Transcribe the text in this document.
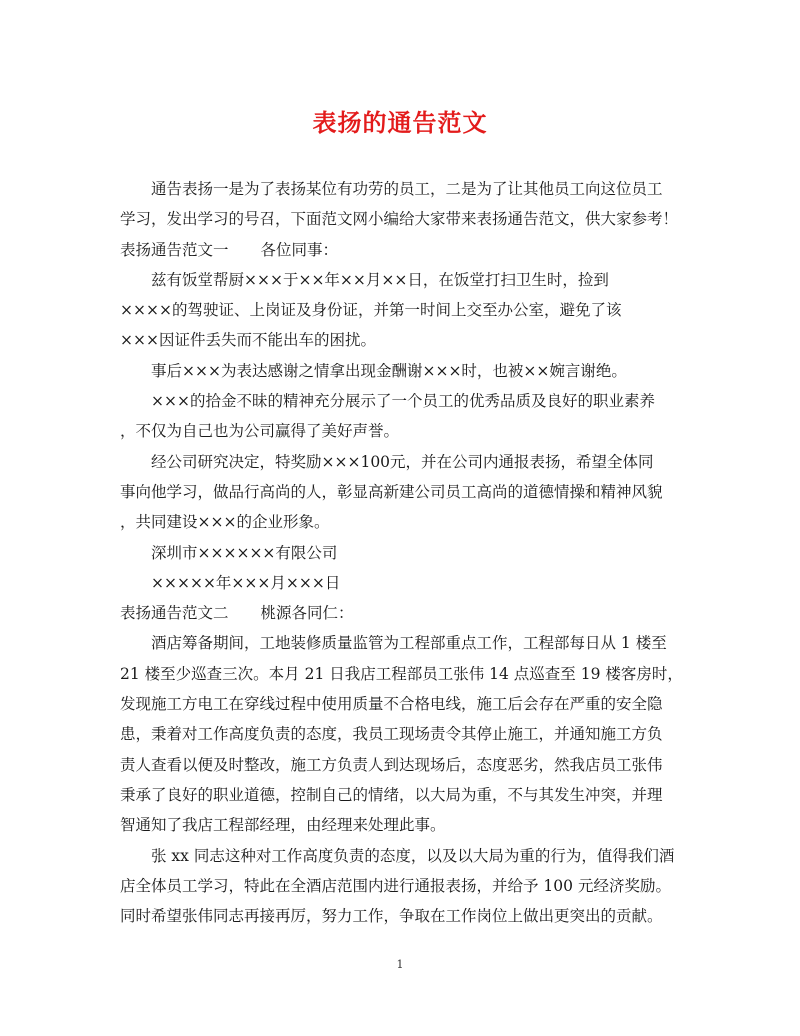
表扬的通告范文
通告表扬一是为了表扬某位有功劳的员工，二是为了让其他员工向这位员工
学习，发出学习的号召，下面范文网小编给大家带来表扬通告范文，供大家参考！
表扬通告范文一 各位同事：
兹有饭堂帮厨×××于××年××月××日，在饭堂打扫卫生时，捡到
××××的驾驶证、上岗证及身份证，并第一时间上交至办公室，避免了该
×××因证件丢失而不能出车的困扰。
事后×××为表达感谢之情拿出现金酬谢×××时，也被××婉言谢绝。
×××的拾金不昧的精神充分展示了一个员工的优秀品质及良好的职业素养
，不仅为自己也为公司赢得了美好声誉。
经公司研究决定，特奖励×××100元，并在公司内通报表扬，希望全体同
事向他学习，做品行高尚的人，彰显高新建公司员工高尚的道德情操和精神风貌
，共同建设×××的企业形象。
深圳市××××××有限公司
×××××年×××月×××日
表扬通告范文二 桃源各同仁：
酒店筹备期间，工地装修质量监管为工程部重点工作，工程部每日从 1 楼至
21 楼至少巡查三次。本月 21 日我店工程部员工张伟 14 点巡查至 19 楼客房时，
发现施工方电工在穿线过程中使用质量不合格电线，施工后会存在严重的安全隐
患，秉着对工作高度负责的态度，我员工现场责令其停止施工，并通知施工方负
责人查看以便及时整改，施工方负责人到达现场后，态度恶劣，然我店员工张伟
秉承了良好的职业道德，控制自己的情绪，以大局为重，不与其发生冲突，并理
智通知了我店工程部经理，由经理来处理此事。
张 xx 同志这种对工作高度负责的态度，以及以大局为重的行为，值得我们酒
店全体员工学习，特此在全酒店范围内进行通报表扬，并给予 100 元经济奖励。
同时希望张伟同志再接再厉，努力工作，争取在工作岗位上做出更突出的贡献。
1
